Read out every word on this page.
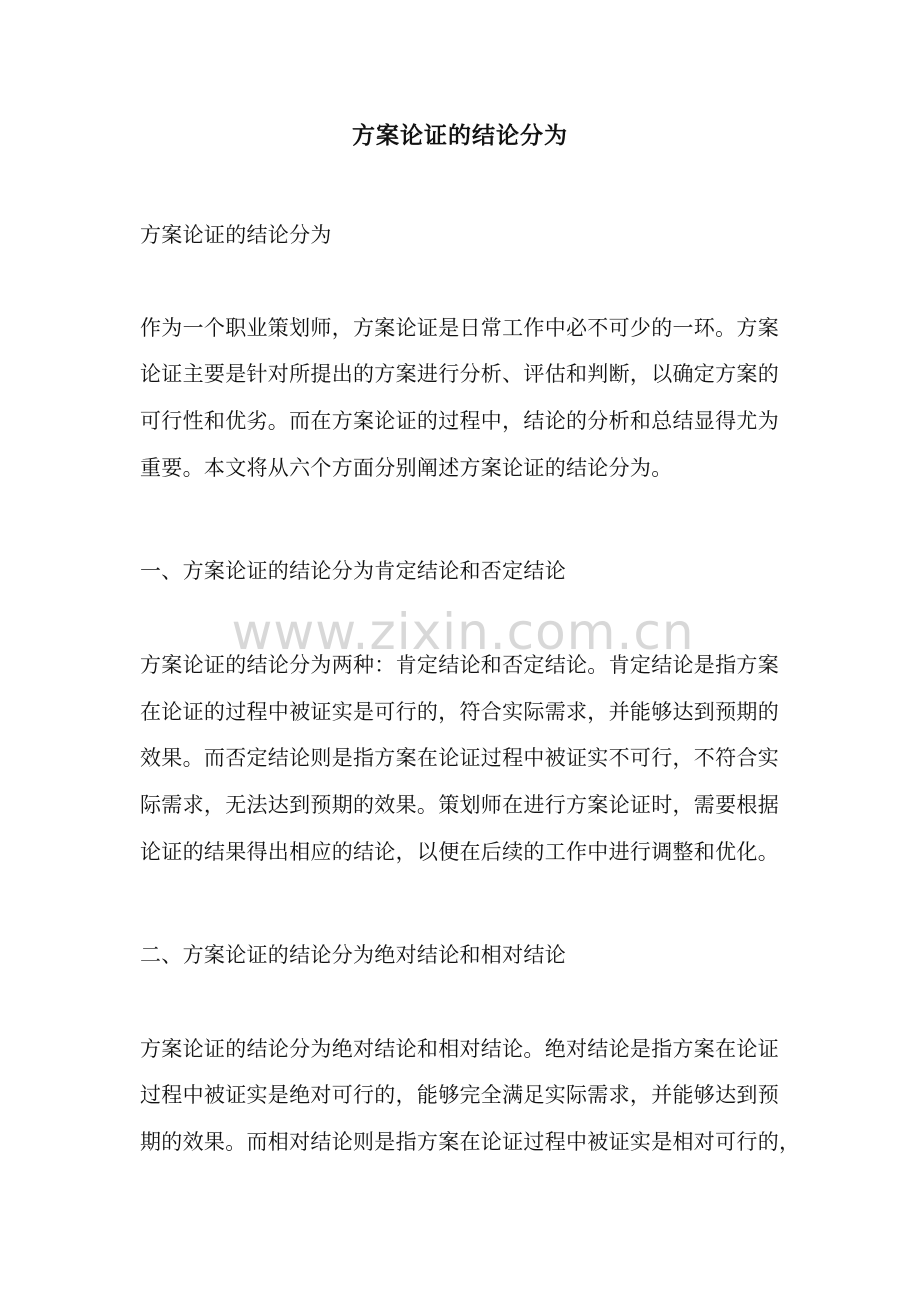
方案论证的结论分为
方案论证的结论分为
作为一个职业策划师，方案论证是日常工作中必不可少的一环。方案
论证主要是针对所提出的方案进行分析、评估和判断，以确定方案的
可行性和优劣。而在方案论证的过程中，结论的分析和总结显得尤为
重要。本文将从六个方面分别阐述方案论证的结论分为。
一、方案论证的结论分为肯定结论和否定结论
方案论证的结论分为两种：肯定结论和否定结论。肯定结论是指方案
在论证的过程中被证实是可行的，符合实际需求，并能够达到预期的
效果。而否定结论则是指方案在论证过程中被证实不可行，不符合实
际需求，无法达到预期的效果。策划师在进行方案论证时，需要根据
论证的结果得出相应的结论，以便在后续的工作中进行调整和优化。
二、方案论证的结论分为绝对结论和相对结论
方案论证的结论分为绝对结论和相对结论。绝对结论是指方案在论证
过程中被证实是绝对可行的，能够完全满足实际需求，并能够达到预
期的效果。而相对结论则是指方案在论证过程中被证实是相对可行的，
www.zixin.com.cn
